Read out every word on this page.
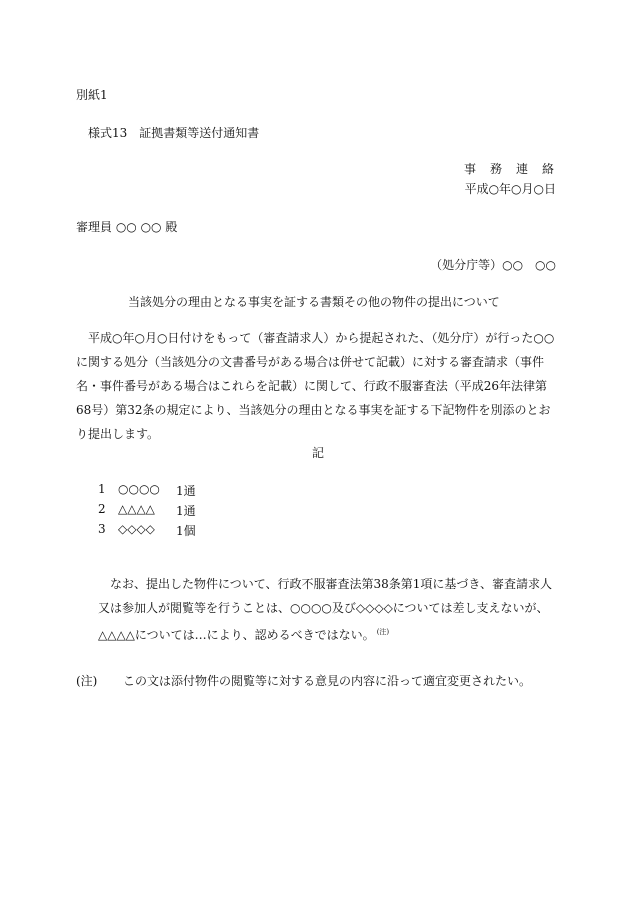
別紙1
様式13　証拠書類等送付通知書
事務連絡
平成○年○月○日
審理員 ○○ ○○ 殿
（処分庁等）○○　○○
当該処分の理由となる事実を証する書類その他の物件の提出について
平成○年○月○日付けをもって（審査請求人）から提起された、（処分庁）が行った○○に関する処分（当該処分の文書番号がある場合は併せて記載）に対する審査請求（事件名・事件番号がある場合はこれらを記載）に関して、行政不服審査法（平成26年法律第68号）第32条の規定により、当該処分の理由となる事実を証する下記物件を別添のとおり提出します。
記
1	○○○○	1通
2	△△△△	1通
3	◇◇◇◇	1個
なお、提出した物件について、行政不服審査法第38条第1項に基づき、審査請求人又は参加人が閲覧等を行うことは、○○○○及び◇◇◇◇については差し支えないが、△△△△については…により、認めるべきではない。 $^{(注)}$
(注) この文は添付物件の閲覧等に対する意見の内容に沿って適宜変更されたい。
